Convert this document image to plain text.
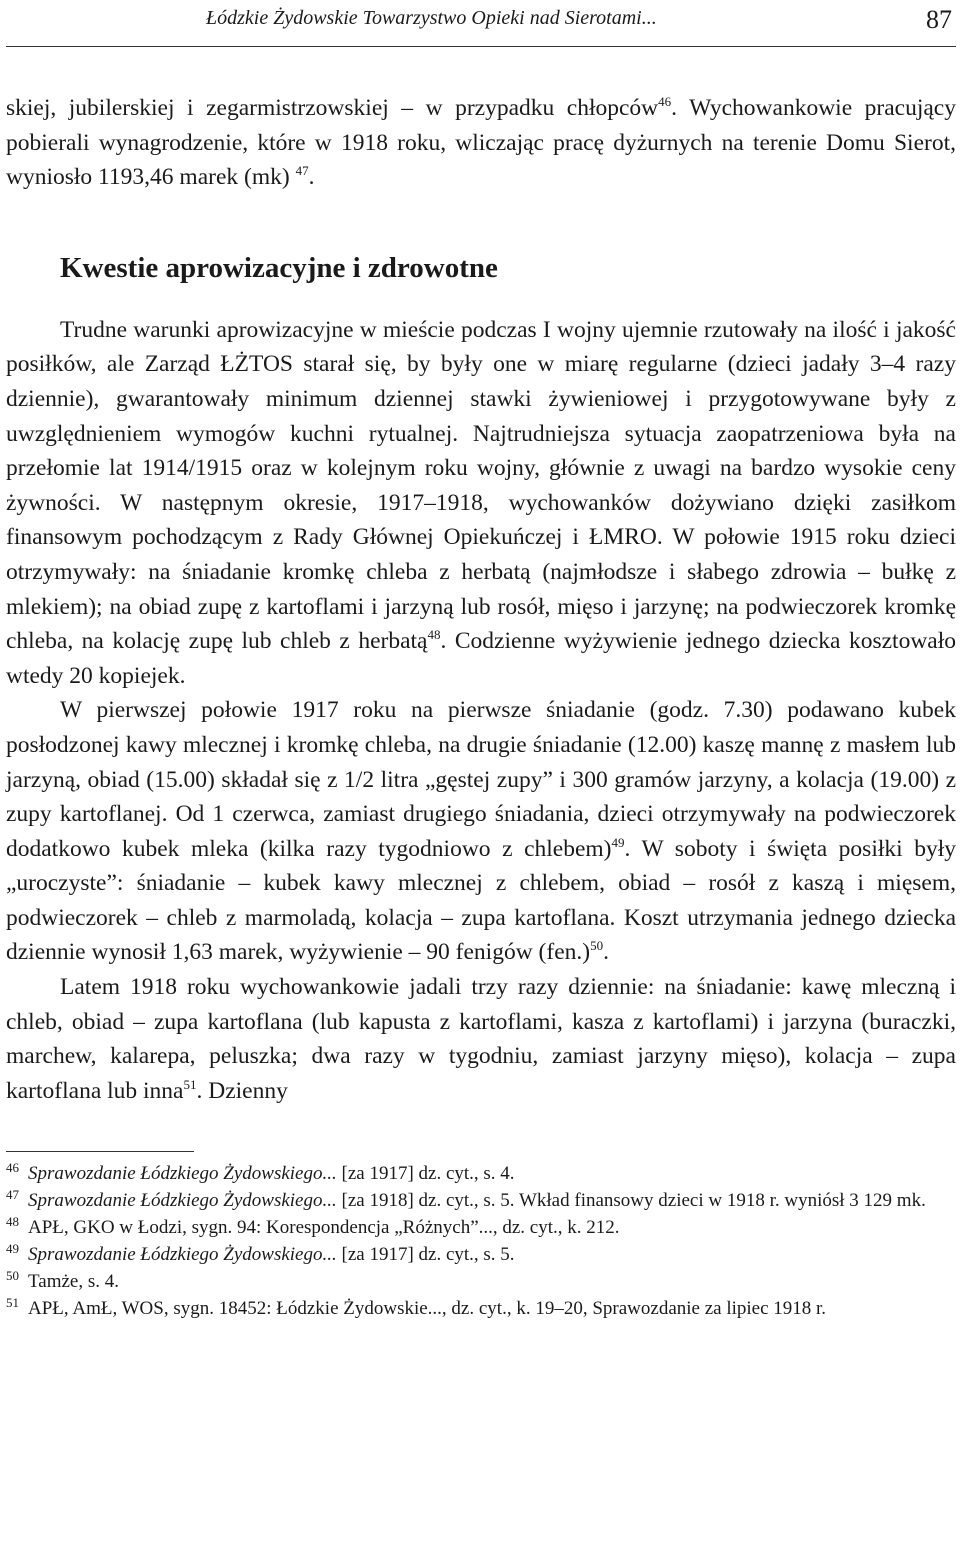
Łódzkie Żydowskie Towarzystwo Opieki nad Sierotami...	87

skiej, jubilerskiej i zegarmistrzowskiej – w przypadku chłopców$^{46}$. Wychowankowie pracujący pobierali wynagrodzenie, które w 1918 roku, wliczając pracę dyżurnych na terenie Domu Sierot, wyniosło 1193,46 marek (mk) $^{47}$.

Kwestie aprowizacyjne i zdrowotne

Trudne warunki aprowizacyjne w mieście podczas I wojny ujemnie rzutowały na ilość i jakość posiłków, ale Zarząd ŁŻTOS starał się, by były one w miarę regularne (dzieci jadały 3–4 razy dziennie), gwarantowały minimum dziennej stawki żywieniowej i przygotowywane były z uwzględnieniem wymogów kuchni rytualnej. Najtrudniejsza sytuacja zaopatrzeniowa była na przełomie lat 1914/1915 oraz w kolejnym roku wojny, głównie z uwagi na bardzo wysokie ceny żywności. W następnym okresie, 1917–1918, wychowanków dożywiano dzięki zasiłkom finansowym pochodzącym z Rady Głównej Opiekuńczej i ŁMRO. W połowie 1915 roku dzieci otrzymywały: na śniadanie kromkę chleba z herbatą (najmłodsze i słabego zdrowia – bułkę z mlekiem); na obiad zupę z kartoflami i jarzyną lub rosół, mięso i jarzynę; na podwieczorek kromkę chleba, na kolację zupę lub chleb z herbatą$^{48}$. Codzienne wyżywienie jednego dziecka kosztowało wtedy 20 kopiejek.

W pierwszej połowie 1917 roku na pierwsze śniadanie (godz. 7.30) podawano kubek posłodzonej kawy mlecznej i kromkę chleba, na drugie śniadanie (12.00) kaszę mannę z masłem lub jarzyną, obiad (15.00) składał się z 1/2 litra „gęstej zupy” i 300 gramów jarzyny, a kolacja (19.00) z zupy kartoflanej. Od 1 czerwca, zamiast drugiego śniadania, dzieci otrzymywały na podwieczorek dodatkowo kubek mleka (kilka razy tygodniowo z chlebem)$^{49}$. W soboty i święta posiłki były „uroczyste”: śniadanie – kubek kawy mlecznej z chlebem, obiad – rosół z kaszą i mięsem, podwieczorek – chleb z marmoladą, kolacja – zupa kartoflana. Koszt utrzymania jednego dziecka dziennie wynosił 1,63 marek, wyżywienie – 90 fenigów $(fen.)^{50}$.

Latem 1918 roku wychowankowie jadali trzy razy dziennie: na śniadanie: kawę mleczną i chleb, obiad – zupa kartoflana (lub kapusta z kartoflami, kasza z kartoflami) i jarzyna (buraczki, marchew, kalarepa, peluszka; dwa razy w tygodniu, zamiast jarzyny mięso), kolacja – zupa kartoflana lub inna$^{51}$. Dzienny

46 Sprawozdanie Łódzkiego Żydowskiego... [za 1917] dz. cyt., s. 4.

47 Sprawozdanie Łódzkiego Żydowskiego... [za 1918] dz. cyt., s. 5. Wkład finansowy dzieci w 1918 r. wyniósł 3 129 mk.

48 APŁ, GKO w Łodzi, sygn. 94: Korespondencja „Różnych”..., dz. cyt., k. 212.

49 Sprawozdanie Łódzkiego Żydowskiego... [za 1917] dz. cyt., s. 5.

50 Tamże, s. 4.

51 APŁ, AmŁ, WOS, sygn. 18452: Łódzkie Żydowskie..., dz. cyt., k. 19–20, Sprawozdanie za lipiec 1918 r.
